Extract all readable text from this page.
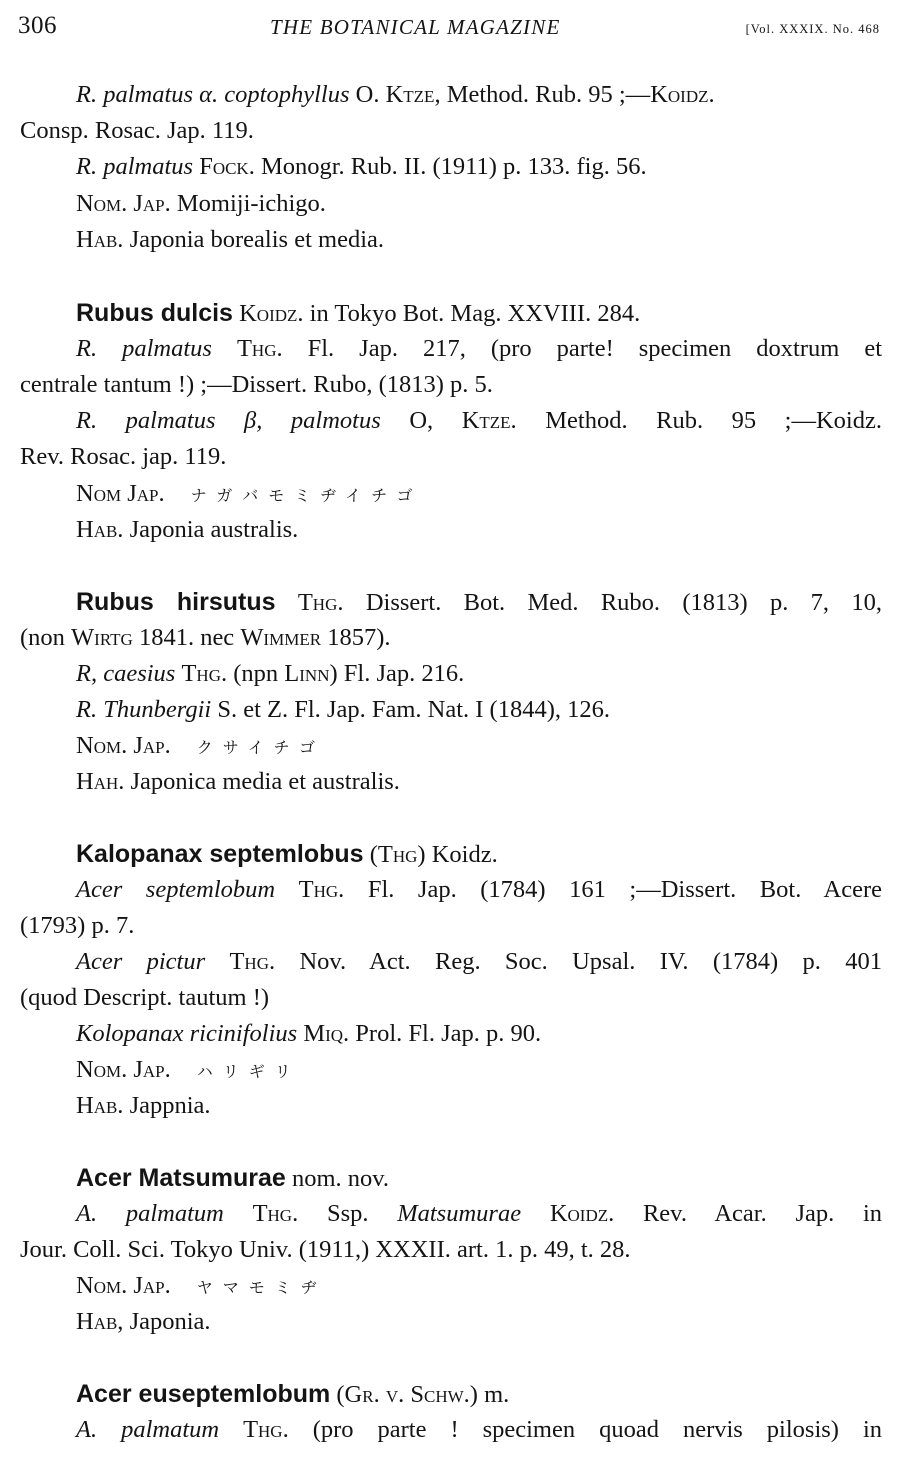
306	THE BOTANICAL MAGAZINE	[Vol. XXXIX. No. 468
R. palmatus α. coptophyllus O. Ktze, Method. Rub. 95 ;—Koidz.
Consp. Rosac. Jap. 119.
R. palmatus Fock. Monogr. Rub. II. (1911) p. 133. fig. 56.
Nom. Jap. Momiji-ichigo.
Hab. Japonia borealis et media.
Rubus dulcis Koidz. in Tokyo Bot. Mag. XXVIII. 284.
R. palmatus Thg. Fl. Jap. 217, (pro parte! specimen doxtrum et
centrale tantum !) ;—Dissert. Rubo, (1813) p. 5.
R. palmatus β, palmotus O, Ktze. Method. Rub. 95 ;—Koidz.
Rev. Rosac. jap. 119.
Nom Jap. ナガバモミヂイチゴ
Hab. Japonia australis.
Rubus hirsutus Thg. Dissert. Bot. Med. Rubo. (1813) p. 7, 10,
(non Wirtg 1841. nec Wimmer 1857).
R, caesius Thg. (npn Linn) Fl. Jap. 216.
R. Thunbergii S. et Z. Fl. Jap. Fam. Nat. I (1844), 126.
Nom. Jap. クサイチゴ
Hah. Japonica media et australis.
Kalopanax septemlobus (Thg) Koidz.
Acer septemlobum Thg. Fl. Jap. (1784) 161 ;—Dissert. Bot. Acere
(1793) p. 7.
Acer pictur Thg. Nov. Act. Reg. Soc. Upsal. IV. (1784) p. 401
(quod Descript. tautum !)
Kolopanax ricinifolius Miq. Prol. Fl. Jap. p. 90.
Nom. Jap. ハリギリ
Hab. Jappnia.
Acer Matsumurae nom. nov.
A. palmatum Thg. Ssp. Matsumurae Koidz. Rev. Acar. Jap. in
Jour. Coll. Sci. Tokyo Univ. (1911,) XXXII. art. 1. p. 49, t. 28.
Nom. Jap. ヤマモミヂ
Hab, Japonia.
Acer euseptemlobum (Gr. v. Schw.) m.
A. palmatum Thg. (pro parte ! specimen quoad nervis pilosis) in
